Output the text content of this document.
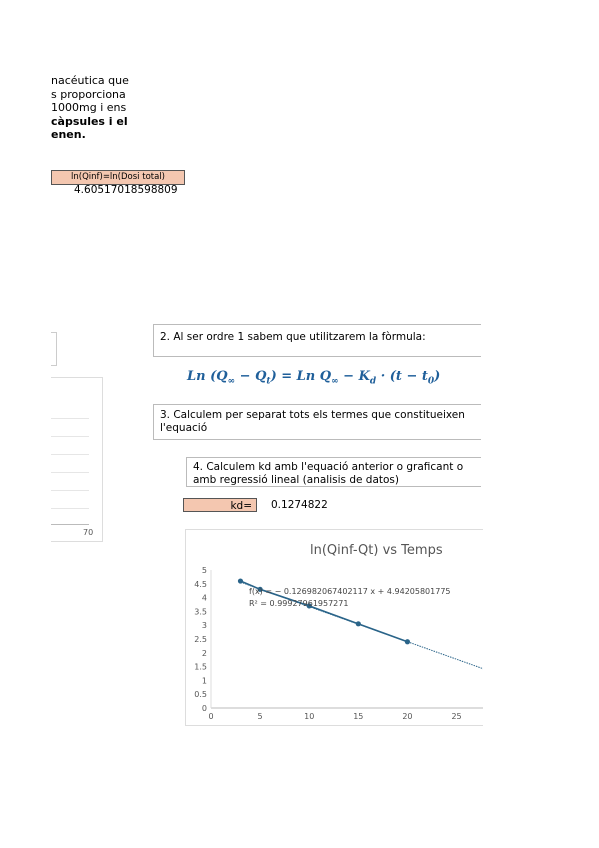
nacéutica que
s proporciona
1000mg i ens
càpsules i el
enen.
ln(Qinf)=ln(Dosi total)
4.60517018598809
70
2. Al ser ordre 1 sabem que utilitzarem la fòrmula:
Ln $(Q_\infty - Q_t) = Ln$ $Q_\infty - K_d \cdot (t - t_0)$
3. Calculem per separat tots els termes que constitueixen l'equació
4. Calculem kd amb l'equació anterior o graficant o amb regressió lineal (analisis de datos)
kd=	0.1274822
ln(Qinf-Qt) vs Temps
0
0.5
1
1.5
2
2.5
3
3.5
4
4.5
5
0	5	10	15	20	25
f(x) = − 0.126982067402117 x + 4.94205801775
R² = 0.99927961957271
